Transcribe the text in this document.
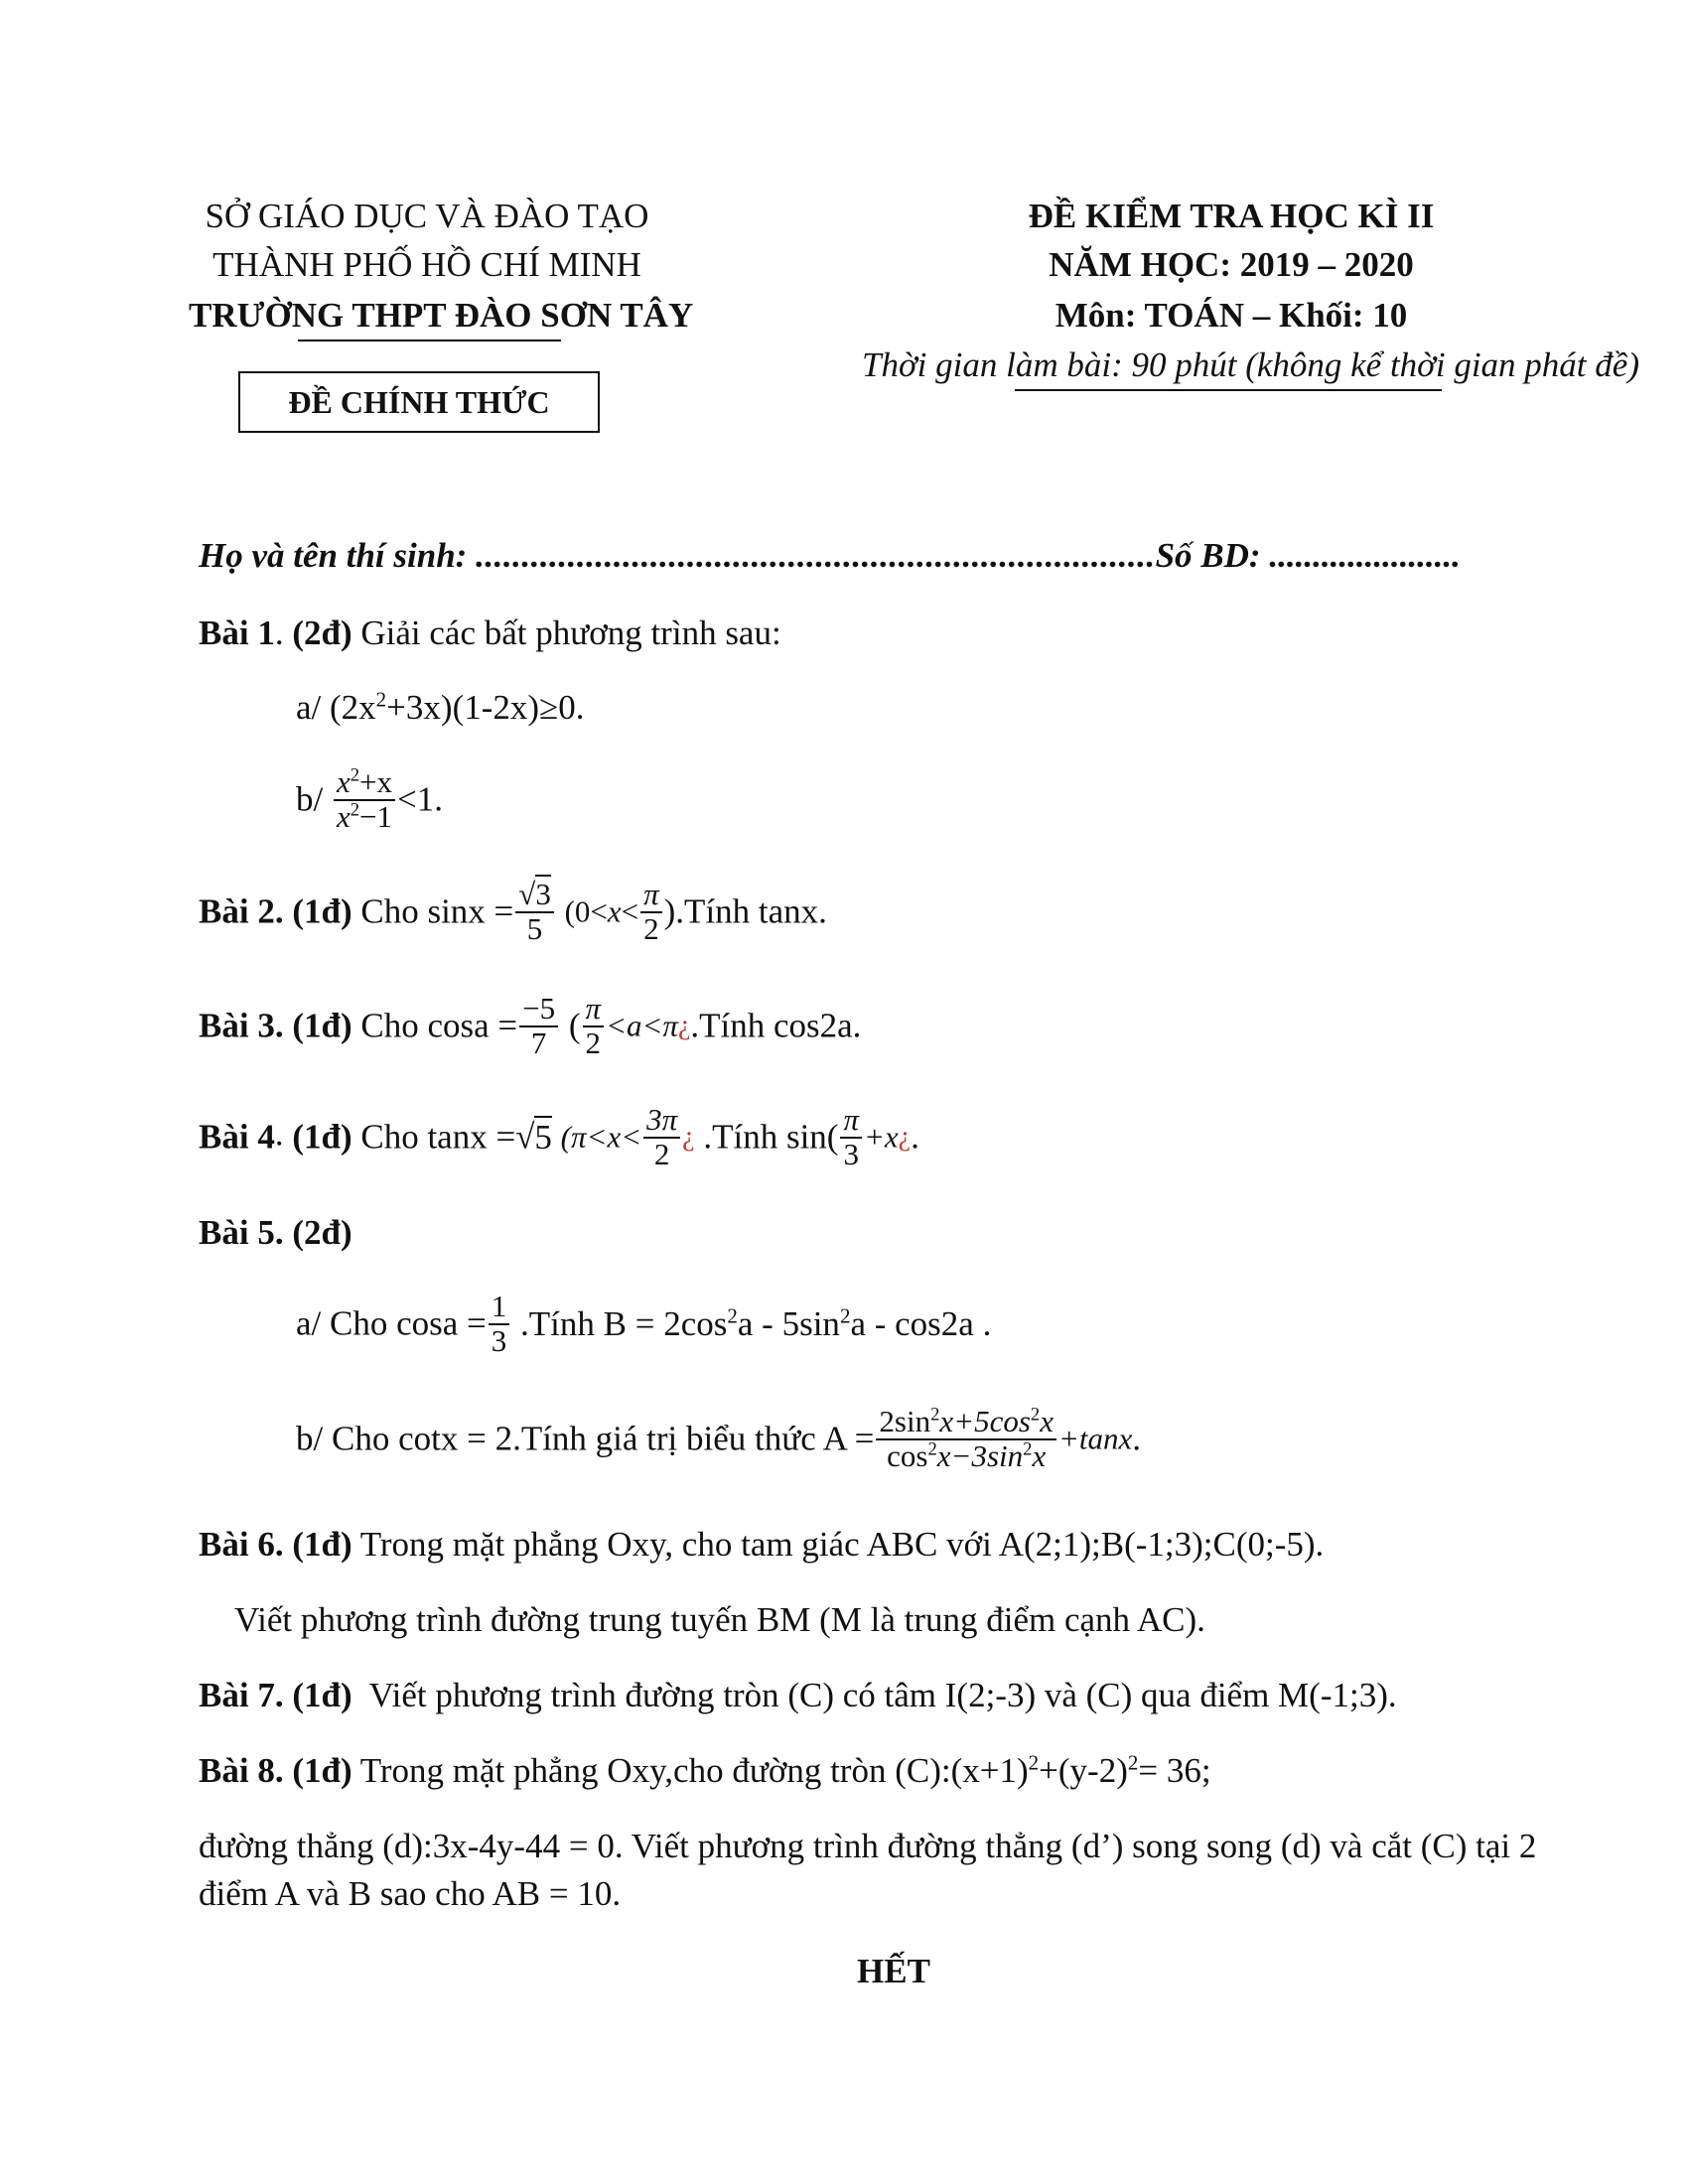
SỞ GIÁO DỤC VÀ ĐÀO TẠO
THÀNH PHỐ HỒ CHÍ MINH
TRƯỜNG THPT ĐÀO SƠN TÂY
ĐỀ CHÍNH THỨC
ĐỀ KIỂM TRA HỌC KÌ II
NĂM HỌC: 2019 – 2020
Môn: TOÁN – Khối: 10
Thời gian làm bài: 90 phút (không kể thời gian phát đề)
Họ và tên thí sinh: ..........................................................................Số BD: ......................
Bài 1. (2đ) Giải các bất phương trình sau:
a/ $(2x^2+3x)(1-2x)\ge 0$.
$b/ \frac{x^2+x}{x^2-1} <1$.
Bài 2. (1đ) Cho $\sin x = \frac{√3}{5} (0<x< \frac{\pi}{2}$ ).Tính tanx.
Bài 3. (1đ) Cho $\cos a = \frac{-5}{7}$ ( $\frac{\pi}{2}$ <a<π¿.Tính cos2a.
Bài 4. (1đ) Cho tanx =√5 ($\pi<x< \frac{3\pi}{2}$ ¿ .Tính $\sin( \frac{\pi}{3}$ +x¿.
Bài 5. (2đ)
a/ Cho $\cos a = \frac{1}{3}$ .Tính $B = 2\cos^2a - 5\sin^2a - \cos 2a$ .
b/ Cho cotx = 2.Tính giá trị biểu thức $A = \frac{2\sin^2x+5\cos^2x}{\cos^2x-3\sin^2x} +\tan x$.
Bài 6. (1đ) Trong mặt phẳng Oxy, cho tam giác ABC với A(2;1);B(-1;3);C(0;-5).
Viết phương trình đường trung tuyến BM (M là trung điểm cạnh AC).
Bài 7. (1đ) Viết phương trình đường tròn (C) có tâm I(2;-3) và (C) qua điểm M(-1;3).
Bài 8. (1đ) Trong mặt phẳng Oxy,cho đường tròn $(C):(x+1)^2+(y-2)^2= 36$;
đường thẳng (d):3x-4y-44 = 0. Viết phương trình đường thẳng (d’) song song (d) và cắt (C) tại 2
điểm A và B sao cho AB = 10.
HẾT
